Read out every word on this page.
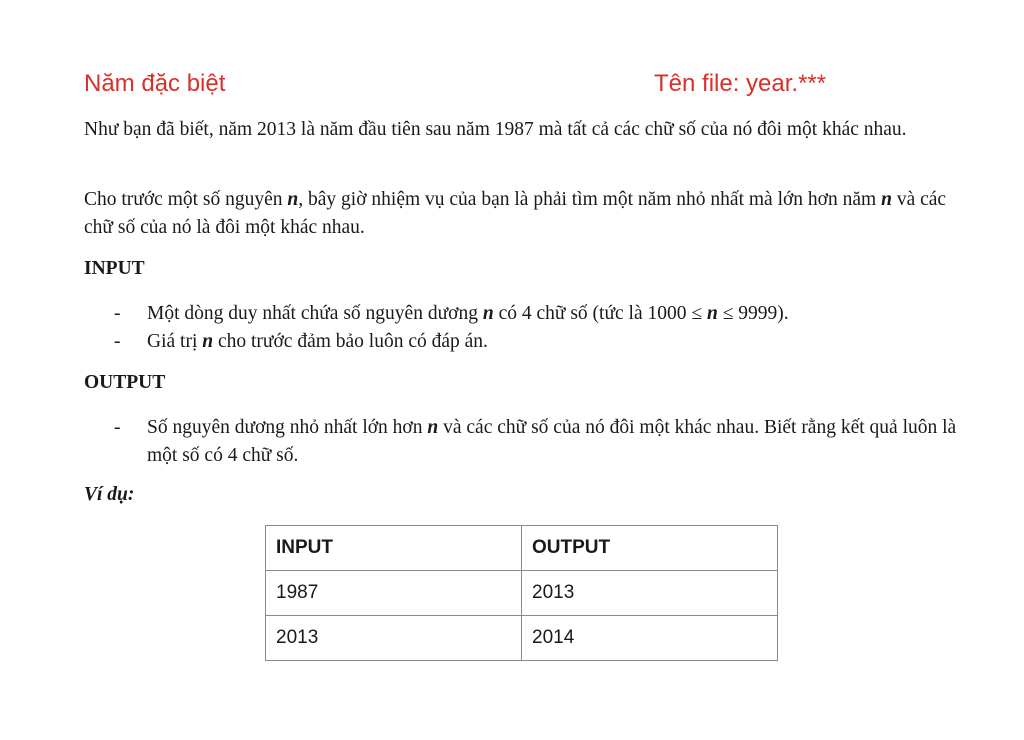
Năm đặc biệt	Tên file: year.***
Như bạn đã biết, năm 2013 là năm đầu tiên sau năm 1987 mà tất cả các chữ số của nó đôi một khác nhau.
Cho trước một số nguyên n, bây giờ nhiệm vụ của bạn là phải tìm một năm nhỏ nhất mà lớn hơn năm n và các chữ số của nó là đôi một khác nhau.
INPUT
- Một dòng duy nhất chứa số nguyên dương n có 4 chữ số (tức là 1000 ≤ n ≤ 9999).
- Giá trị n cho trước đảm bảo luôn có đáp án.
OUTPUT
- Số nguyên dương nhỏ nhất lớn hơn n và các chữ số của nó đôi một khác nhau. Biết rằng kết quả luôn là một số có 4 chữ số.
Ví dụ:
INPUT	OUTPUT
1987	2013
2013	2014
